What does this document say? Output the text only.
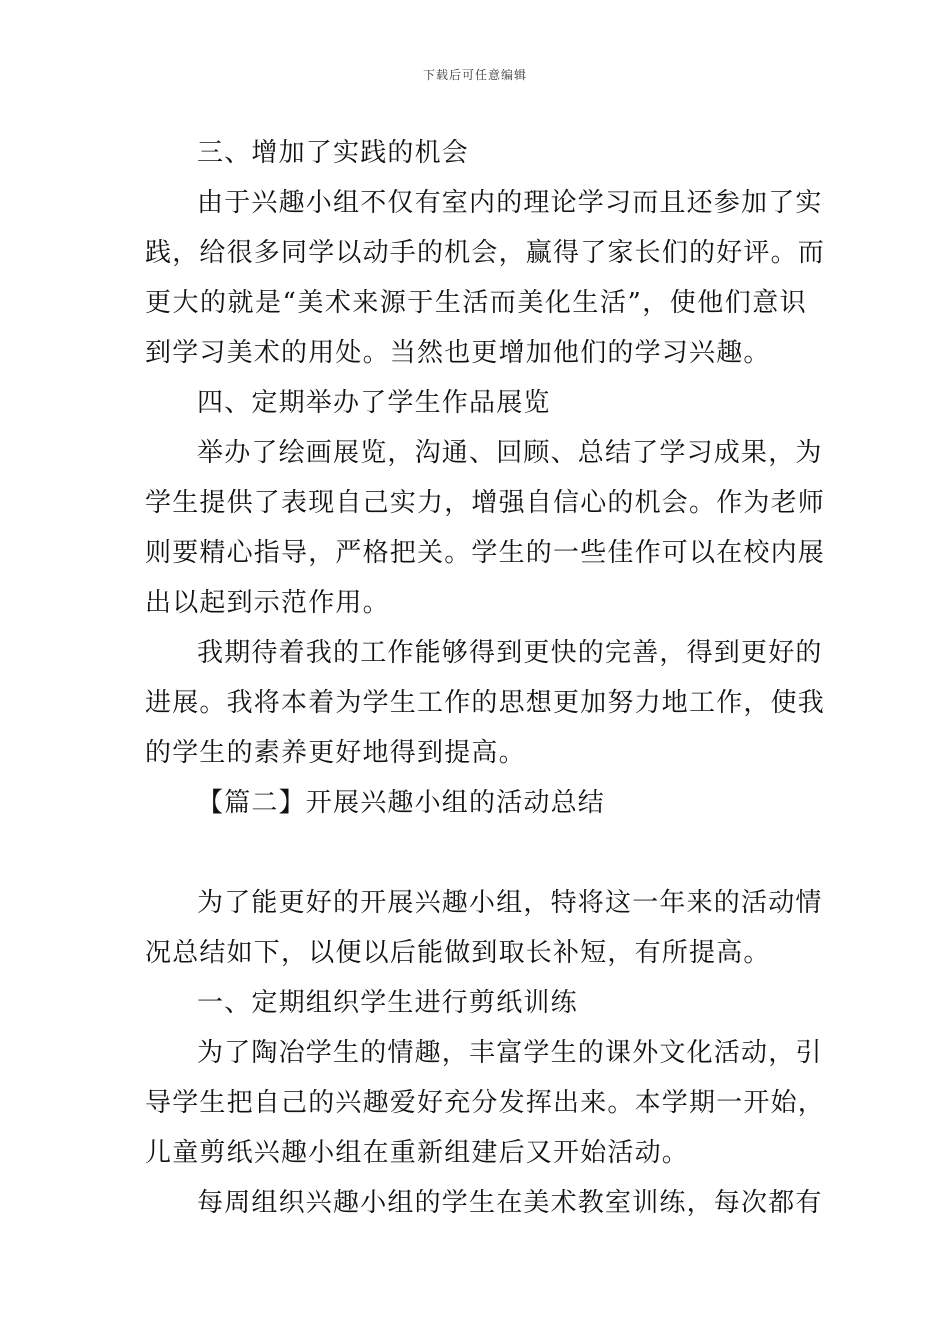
下载后可任意编辑
三、增加了实践的机会
由于兴趣小组不仅有室内的理论学习而且还参加了实
践，给很多同学以动手的机会，赢得了家长们的好评。而
更大的就是“美术来源于生活而美化生活”，使他们意识
到学习美术的用处。当然也更增加他们的学习兴趣。
四、定期举办了学生作品展览
举办了绘画展览，沟通、回顾、总结了学习成果，为
学生提供了表现自己实力，增强自信心的机会。作为老师
则要精心指导，严格把关。学生的一些佳作可以在校内展
出以起到示范作用。
我期待着我的工作能够得到更快的完善，得到更好的
进展。我将本着为学生工作的思想更加努力地工作，使我
的学生的素养更好地得到提高。
【篇二】开展兴趣小组的活动总结
为了能更好的开展兴趣小组，特将这一年来的活动情
况总结如下，以便以后能做到取长补短，有所提高。
一、定期组织学生进行剪纸训练
为了陶冶学生的情趣，丰富学生的课外文化活动，引
导学生把自己的兴趣爱好充分发挥出来。本学期一开始，
儿童剪纸兴趣小组在重新组建后又开始活动。
每周组织兴趣小组的学生在美术教室训练，每次都有
